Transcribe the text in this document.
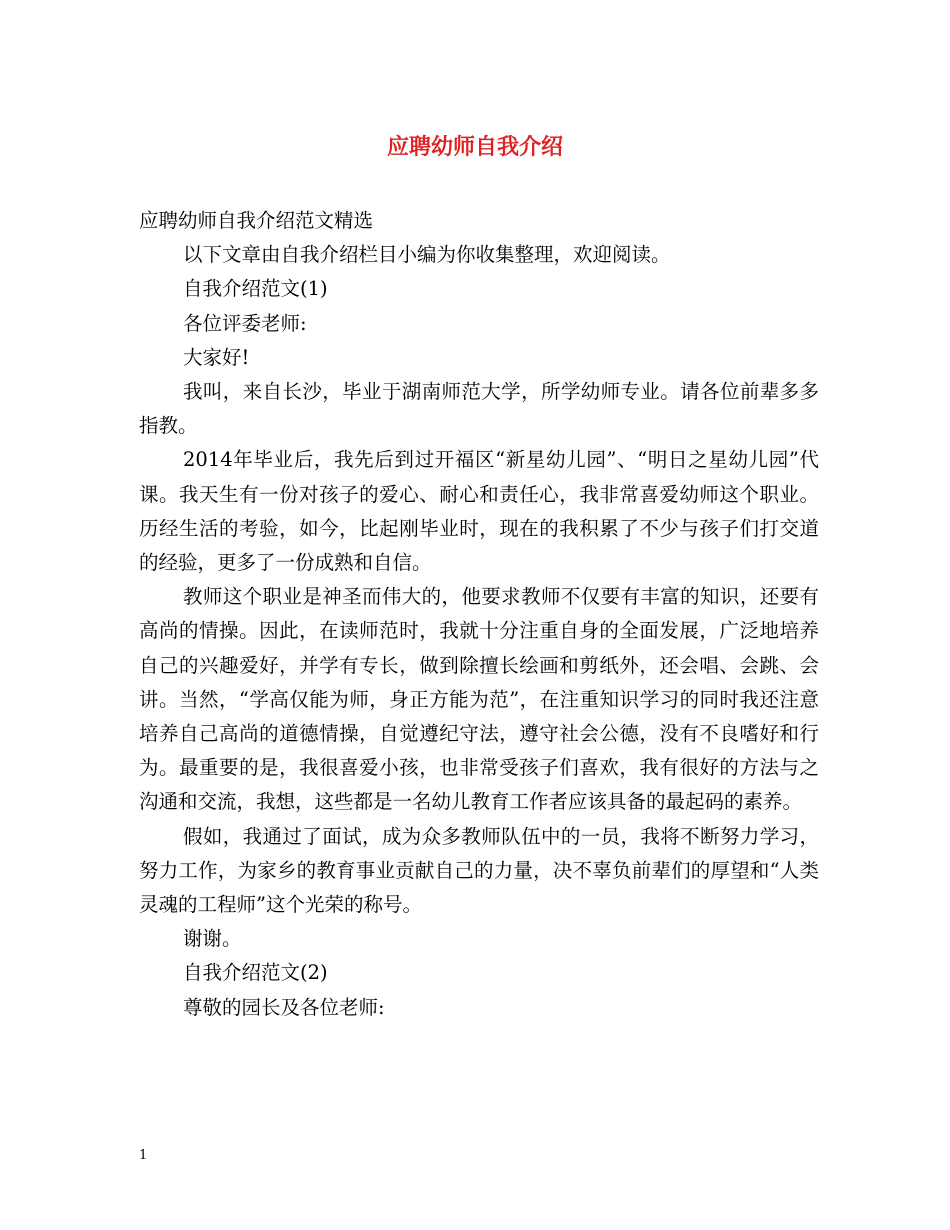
应聘幼师自我介绍

应聘幼师自我介绍范文精选

以下文章由自我介绍栏目小编为你收集整理，欢迎阅读。

自我介绍范文(1)

各位评委老师:

大家好!

我叫，来自长沙，毕业于湖南师范大学，所学幼师专业。请各位前辈多多指教。

2014年毕业后，我先后到过开福区“新星幼儿园”、“明日之星幼儿园”代课。我天生有一份对孩子的爱心、耐心和责任心，我非常喜爱幼师这个职业。历经生活的考验，如今，比起刚毕业时，现在的我积累了不少与孩子们打交道的经验，更多了一份成熟和自信。

教师这个职业是神圣而伟大的，他要求教师不仅要有丰富的知识，还要有高尚的情操。因此，在读师范时，我就十分注重自身的全面发展，广泛地培养自己的兴趣爱好，并学有专长，做到除擅长绘画和剪纸外，还会唱、会跳、会讲。当然，“学高仅能为师，身正方能为范”，在注重知识学习的同时我还注意培养自己高尚的道德情操，自觉遵纪守法，遵守社会公德，没有不良嗜好和行为。最重要的是，我很喜爱小孩，也非常受孩子们喜欢，我有很好的方法与之沟通和交流，我想，这些都是一名幼儿教育工作者应该具备的最起码的素养。

假如，我通过了面试，成为众多教师队伍中的一员，我将不断努力学习，努力工作，为家乡的教育事业贡献自己的力量，决不辜负前辈们的厚望和“人类灵魂的工程师”这个光荣的称号。

谢谢。

自我介绍范文(2)

尊敬的园长及各位老师:

1
